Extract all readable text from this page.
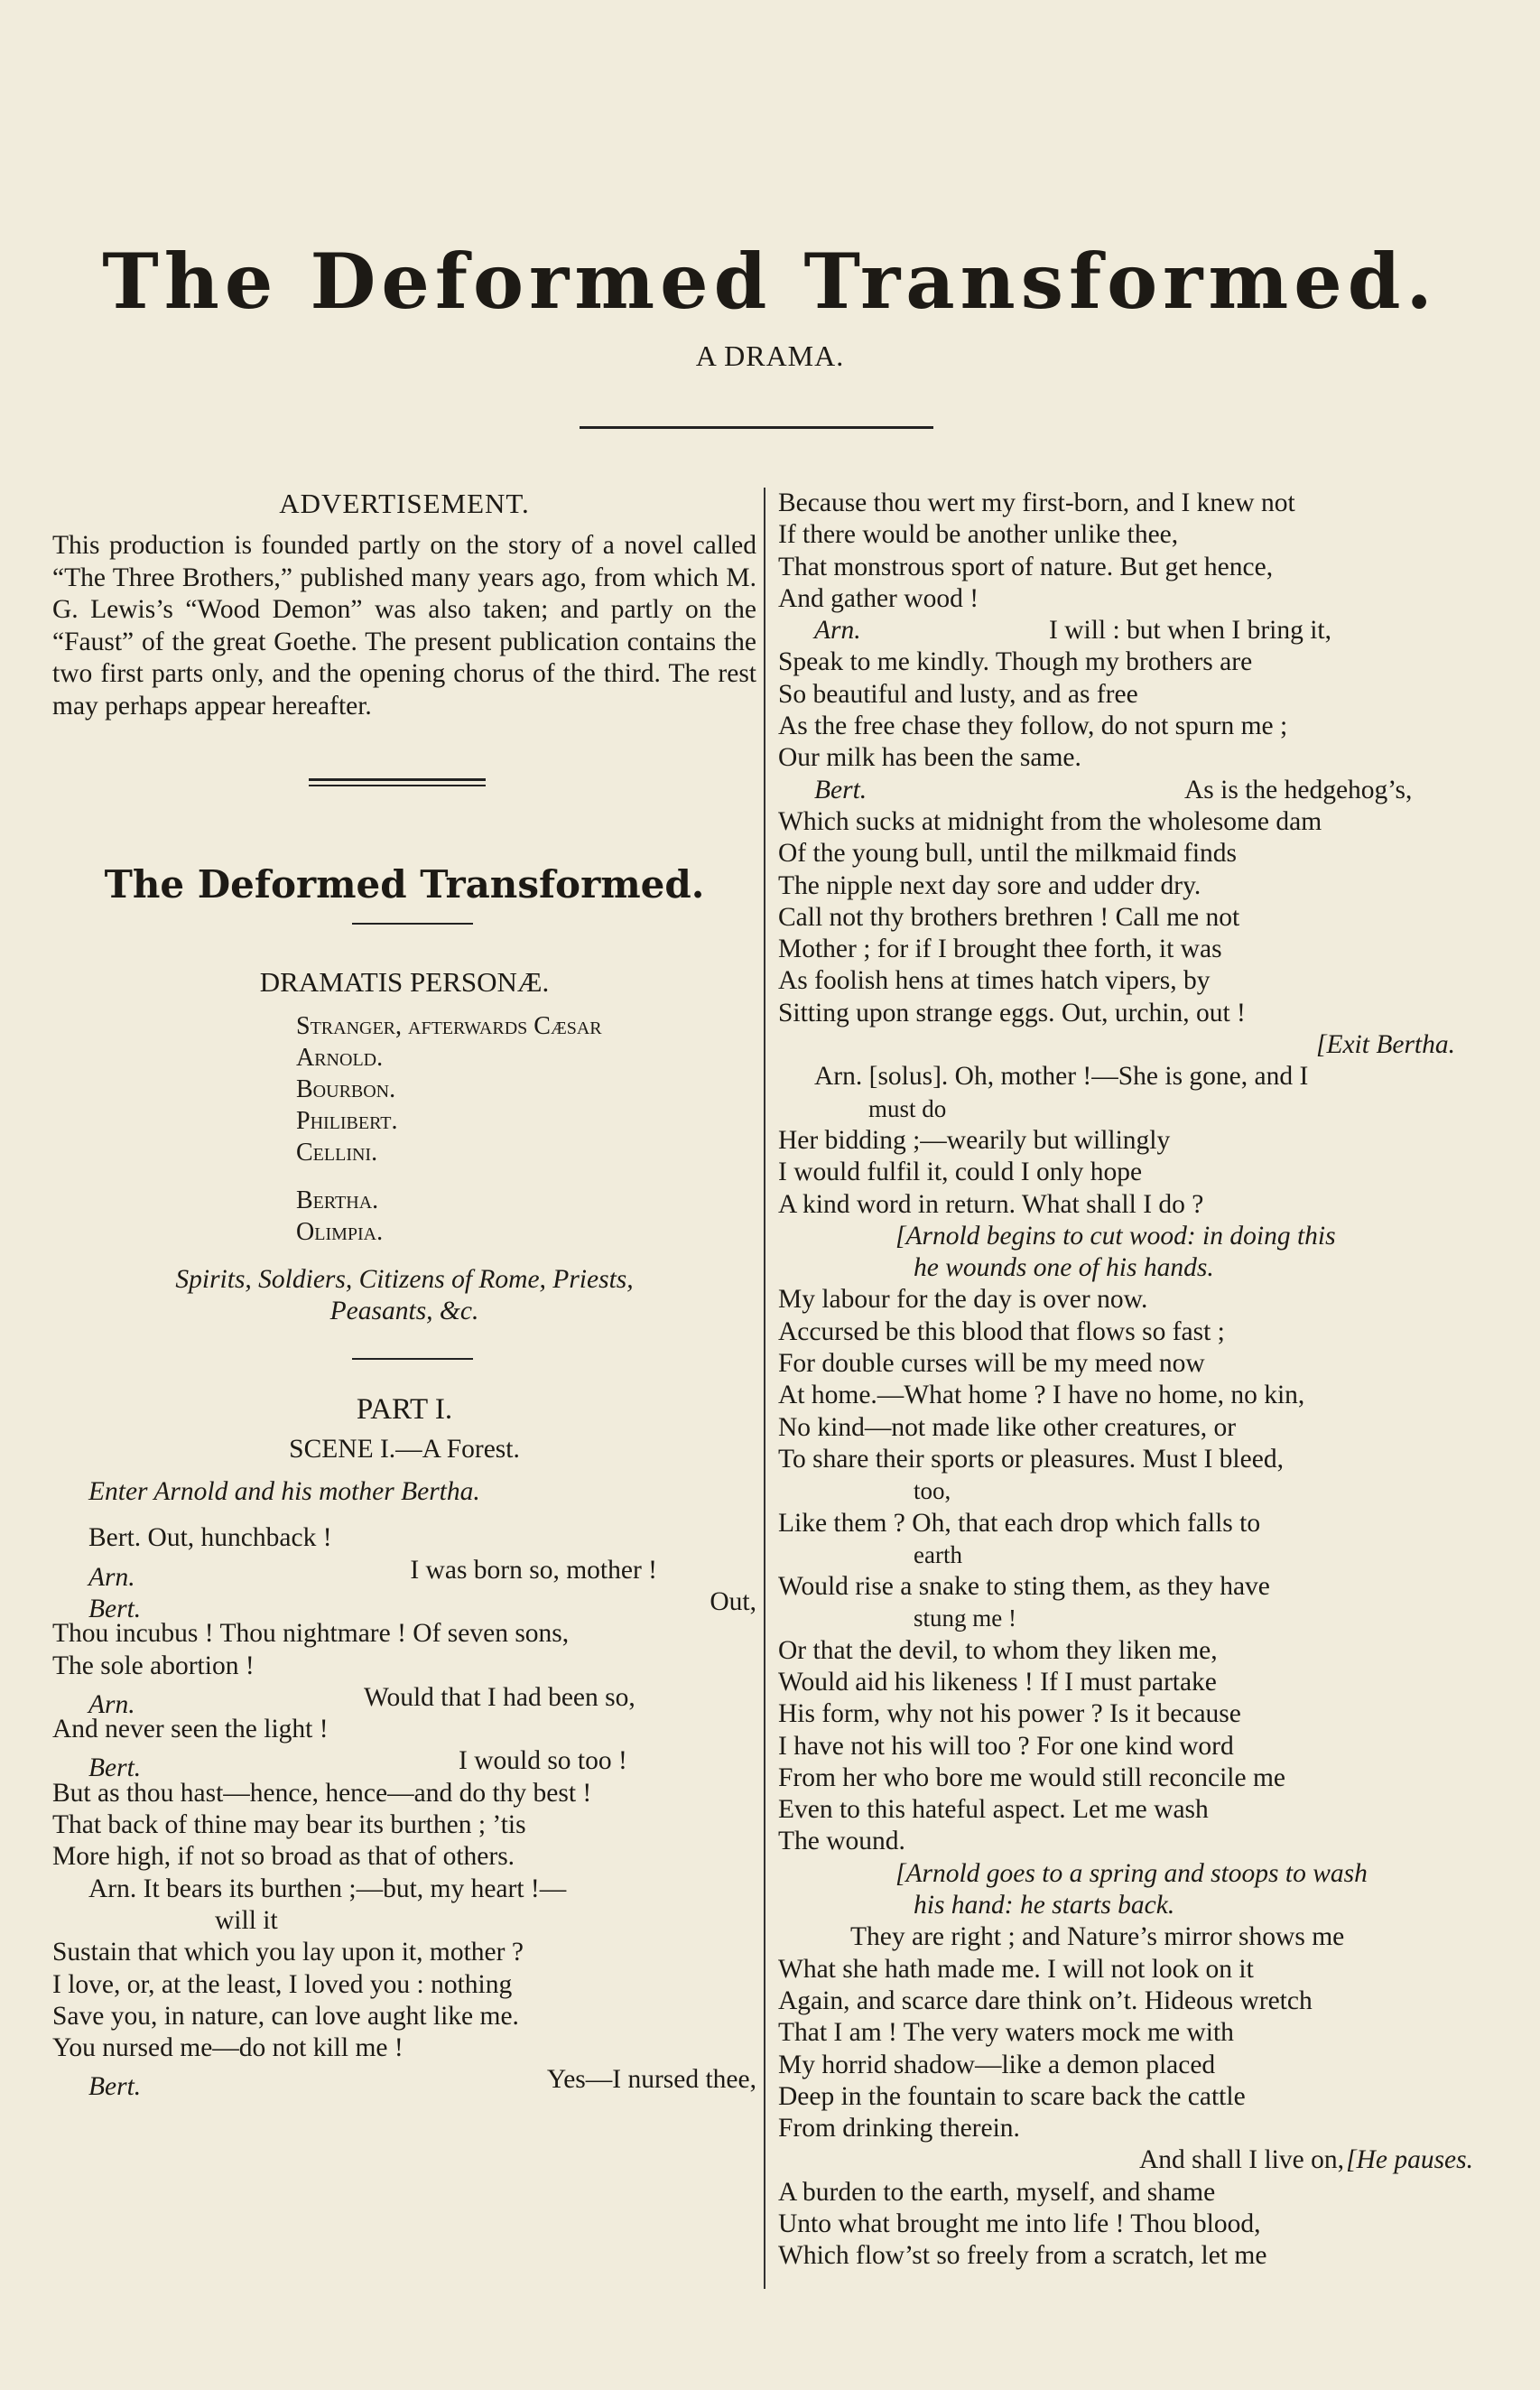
The Deformed Transformed.
A DRAMA.

ADVERTISEMENT.

This production is founded partly on the story of a novel called “The Three Brothers,” published many years ago, from which M. G. Lewis’s “Wood Demon” was also taken; and partly on the “Faust” of the great Goethe. The present publication contains the two first parts only, and the opening chorus of the third. The rest may perhaps appear hereafter.

The Deformed Transformed.

DRAMATIS PERSONÆ.

Stranger, afterwards Cæsar

Arnold.

Bourbon.

Philibert.

Cellini.

Bertha.

Olimpia.

Spirits, Soldiers, Citizens of Rome, Priests, Peasants, &c.

PART I.

SCENE I.—A Forest.

Enter Arnold and his mother Bertha.

Bert. Out, hunchback !

Arn.	I was born so, mother !

Bert.	Out,

Thou incubus ! Thou nightmare ! Of seven sons,

The sole abortion !

Arn.	Would that I had been so,

And never seen the light !

Bert.	I would so too !

But as thou hast—hence, hence—and do thy best !

That back of thine may bear its burthen ; ’tis

More high, if not so broad as that of others.

Arn. It bears its burthen ;—but, my heart !—

will it

Sustain that which you lay upon it, mother ?

I love, or, at the least, I loved you : nothing

Save you, in nature, can love aught like me.

You nursed me—do not kill me !

Bert.	Yes—I nursed thee,

Because thou wert my first-born, and I knew not

If there would be another unlike thee,

That monstrous sport of nature. But get hence,

And gather wood !

Arn.	I will : but when I bring it,

Speak to me kindly. Though my brothers are

So beautiful and lusty, and as free

As the free chase they follow, do not spurn me ;

Our milk has been the same.

Bert.	As is the hedgehog’s,

Which sucks at midnight from the wholesome dam

Of the young bull, until the milkmaid finds

The nipple next day sore and udder dry.

Call not thy brothers brethren ! Call me not

Mother ; for if I brought thee forth, it was

As foolish hens at times hatch vipers, by

Sitting upon strange eggs. Out, urchin, out !

[Exit Bertha.

Arn. [solus]. Oh, mother !—She is gone, and I

must do

Her bidding ;—wearily but willingly

I would fulfil it, could I only hope

A kind word in return. What shall I do ?

[Arnold begins to cut wood: in doing this

he wounds one of his hands.

My labour for the day is over now.

Accursed be this blood that flows so fast ;

For double curses will be my meed now

At home.—What home ? I have no home, no kin,

No kind—not made like other creatures, or

To share their sports or pleasures. Must I bleed,

too,

Like them ? Oh, that each drop which falls to

earth

Would rise a snake to sting them, as they have

stung me !

Or that the devil, to whom they liken me,

Would aid his likeness ! If I must partake

His form, why not his power ? Is it because

I have not his will too ? For one kind word

From her who bore me would still reconcile me

Even to this hateful aspect. Let me wash

The wound.

[Arnold goes to a spring and stoops to wash

his hand: he starts back.

They are right ; and Nature’s mirror shows me

What she hath made me. I will not look on it

Again, and scarce dare think on’t. Hideous wretch

That I am ! The very waters mock me with

My horrid shadow—like a demon placed

Deep in the fountain to scare back the cattle

From drinking therein.

[He pauses.

And shall I live on,

A burden to the earth, myself, and shame

Unto what brought me into life ! Thou blood,

Which flow’st so freely from a scratch, let me
